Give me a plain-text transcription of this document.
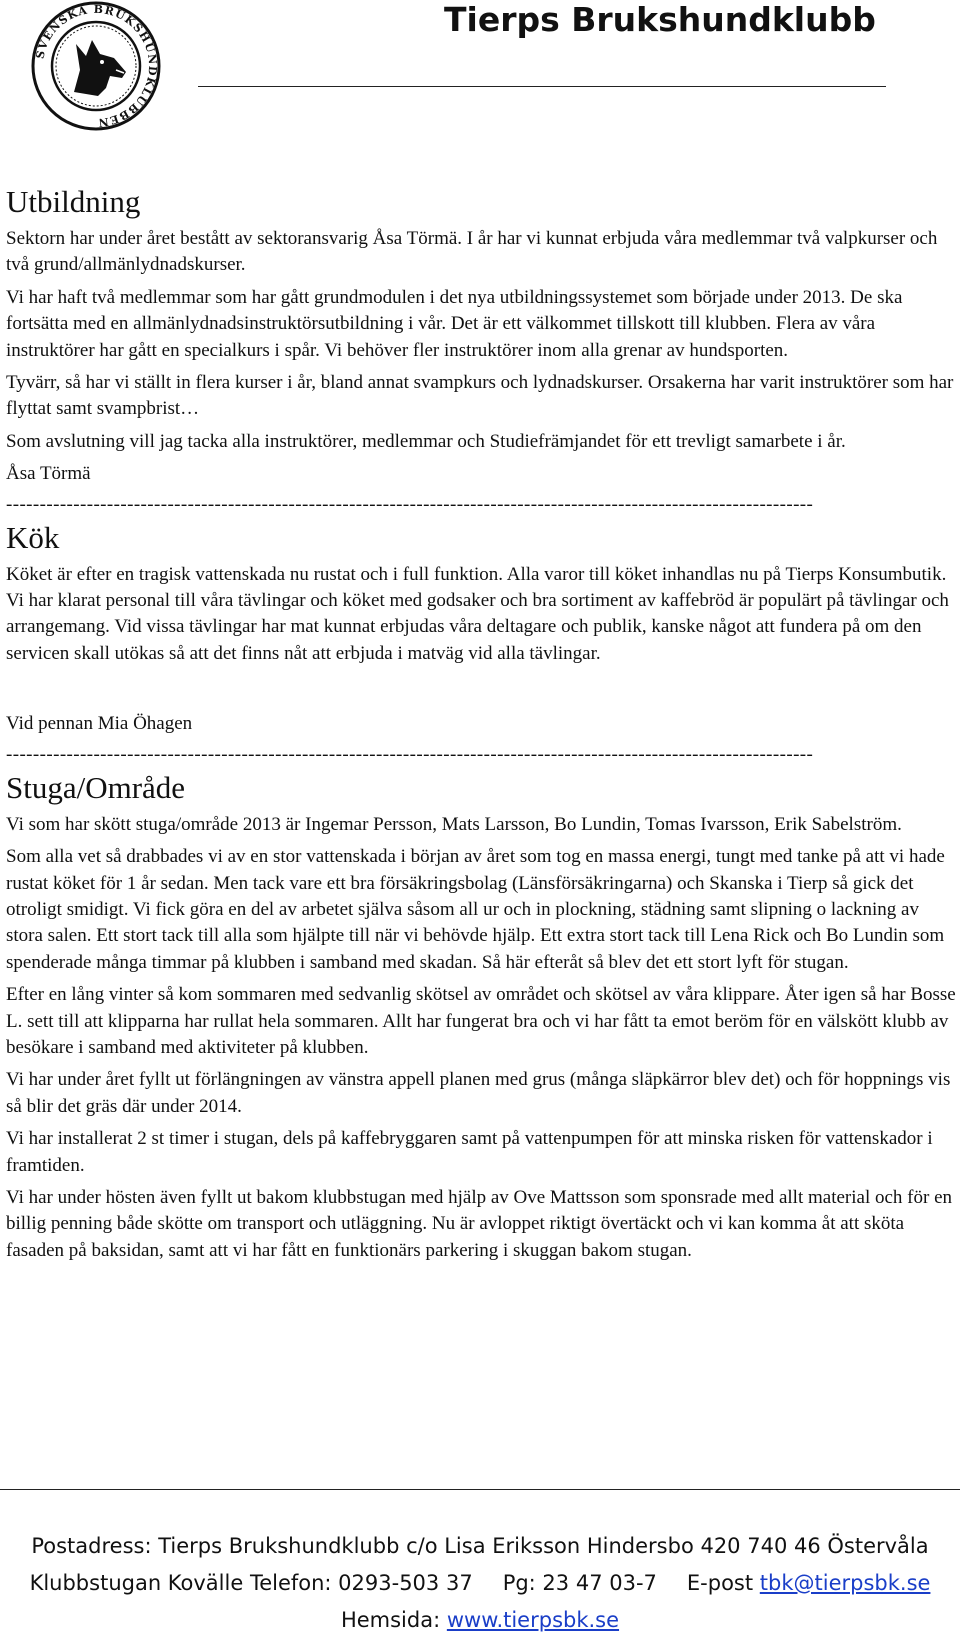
SVENSKA BRUKSHUNDKLUBBEN
Tierps Brukshundklubb
Utbildning

Sektorn har under året bestått av sektoransvarig Åsa Törmä. I år har vi kunnat erbjuda våra medlemmar två valpkurser och två grund/allmänlydnadskurser.

Vi har haft två medlemmar som har gått grundmodulen i det nya utbildningssystemet som började under 2013. De ska fortsätta med en allmänlydnadsinstruktörsutbildning i vår. Det är ett välkommet tillskott till klubben. Flera av våra instruktörer har gått en specialkurs i spår. Vi behöver fler instruktörer inom alla grenar av hundsporten.

Tyvärr, så har vi ställt in flera kurser i år, bland annat svampkurs och lydnadskurser. Orsakerna har varit instruktörer som har flyttat samt svampbrist…

Som avslutning vill jag tacka alla instruktörer, medlemmar och Studiefrämjandet för ett trevligt samarbete i år.

Åsa Törmä

------------------------------------------------------------------------------------------------------------------------
Kök

Köket är efter en tragisk vattenskada nu rustat och i full funktion. Alla varor till köket inhandlas nu på Tierps Konsumbutik. Vi har klarat personal till våra tävlingar och köket med godsaker och bra sortiment av kaffebröd är populärt på tävlingar och arrangemang. Vid vissa tävlingar har mat kunnat erbjudas våra deltagare och publik, kanske något att fundera på om den servicen skall utökas så att det finns nåt att erbjuda i matväg vid alla tävlingar.

Vid pennan Mia Öhagen

------------------------------------------------------------------------------------------------------------------------
Stuga/Område

Vi som har skött stuga/område 2013 är Ingemar Persson, Mats Larsson, Bo Lundin, Tomas Ivarsson, Erik Sabelström.

Som alla vet så drabbades vi av en stor vattenskada i början av året som tog en massa energi, tungt med tanke på att vi hade rustat köket för 1 år sedan. Men tack vare ett bra försäkringsbolag (Länsförsäkringarna) och Skanska i Tierp så gick det otroligt smidigt. Vi fick göra en del av arbetet själva såsom all ur och in plockning, städning samt slipning o lackning av stora salen. Ett stort tack till alla som hjälpte till när vi behövde hjälp. Ett extra stort tack till Lena Rick och Bo Lundin som spenderade många timmar på klubben i samband med skadan. Så här efteråt så blev det ett stort lyft för stugan.

Efter en lång vinter så kom sommaren med sedvanlig skötsel av området och skötsel av våra klippare. Åter igen så har Bosse L. sett till att klipparna har rullat hela sommaren. Allt har fungerat bra och vi har fått ta emot beröm för en välskött klubb av besökare i samband med aktiviteter på klubben.

Vi har under året fyllt ut förlängningen av vänstra appell planen med grus (många släpkärror blev det) och för hoppnings vis så blir det gräs där under 2014.

Vi har installerat 2 st timer i stugan, dels på kaffebryggaren samt på vattenpumpen för att minska risken för vattenskador i framtiden.

Vi har under hösten även fyllt ut bakom klubbstugan med hjälp av Ove Mattsson som sponsrade med allt material och för en billig penning både skötte om transport och utläggning. Nu är avloppet riktigt övertäckt och vi kan komma åt att sköta fasaden på baksidan, samt att vi har fått en funktionärs parkering i skuggan bakom stugan.

Postadress: Tierps Brukshundklubb c/o Lisa Eriksson Hindersbo 420 740 46 Östervåla
Klubbstugan Kovälle Telefon: 0293-503 37 Pg: 23 47 03-7 E-post tbk@tierpsbk.se
Hemsida: www.tierpsbk.se
